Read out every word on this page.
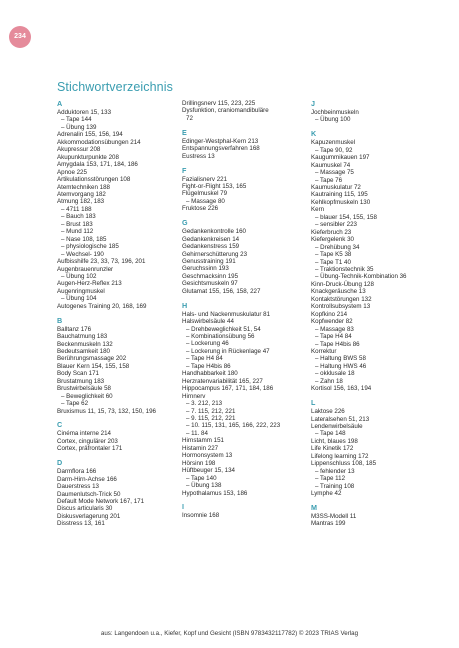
234
Stichwortverzeichnis
A
Adduktoren 15, 133
– Tape 144
– Übung 139
Adrenalin 155, 156, 194
Akkommodationsübungen 214
Akupressur 208
Akupunkturpunkte 208
Amygdala 153, 171, 184, 186
Apnoe 225
Artikulationsstörungen 108
Atemtechniken 188
Atemvorgang 182
Atmung 182, 183
– 4711 188
– Bauch 183
– Brust 183
– Mund 112
– Nase 108, 185
– physiologische 185
– Wechsel- 190
Aufbisshilfe 23, 33, 73, 196, 201
Augenbrauenrunzler
– Übung 102
Augen-Herz-Reflex 213
Augenringmuskel
– Übung 104
Autogenes Training 20, 168, 169
B
Balltanz 176
Bauchatmung 183
Beckenmuskeln 132
Bedeutsamkeit 180
Berührungsmassage 202
Blauer Kern 154, 155, 158
Body Scan 171
Brustatmung 183
Brustwirbelsäule 58
– Beweglichkeit 60
– Tape 62
Bruxismus 11, 15, 73, 132, 150, 196
C
Cinéma interne 214
Cortex, cingulärer 203
Cortex, präfrontaler 171
D
Darmflora 166
Darm-Hirn-Achse 166
Dauerstress 13
Daumenlutsch-Trick 50
Default Mode Network 167, 171
Discus articularis 30
Diskusverlagerung 201
Disstress 13, 161
Drillingsnerv 115, 223, 225
Dysfunktion, craniomandibuläre
72
E
Edinger-Westphal-Kern 213
Entspannungsverfahren 168
Eustress 13
F
Fazialisnerv 221
Fight-or-Flight 153, 165
Flügelmuskel 79
– Massage 80
Fruktose 226
G
Gedankenkontrolle 160
Gedankenkreisen 14
Gedankenstress 159
Gehirnerschütterung 23
Genusstraining 191
Geruchssinn 193
Geschmacksinn 195
Gesichtsmuskeln 97
Glutamat 155, 156, 158, 227
H
Hals- und Nackenmuskulatur 81
Halswirbelsäule 44
– Drehbeweglichkeit 51, 54
– Kombinationsübung 56
– Lockerung 46
– Lockerung in Rückenlage 47
– Tape H4 84
– Tape H4bis 86
Handhabbarkeit 180
Herzratenvariabilität 165, 227
Hippocampus 167, 171, 184, 186
Hirnnerv
– 3. 212, 213
– 7. 115, 212, 221
– 9. 115, 212, 221
– 10. 115, 131, 165, 166, 222, 223
– 11. 84
Hirnstamm 151
Histamin 227
Hormonsystem 13
Hörsinn 198
Hüftbeuger 15, 134
– Tape 140
– Übung 138
Hypothalamus 153, 186
I
Insomnie 168
J
Jochbeinmuskeln
– Übung 100
K
Kapuzenmuskel
– Tape 90, 92
Kaugummikauen 197
Kaumuskel 74
– Massage 75
– Tape 76
Kaumuskulatur 72
Kautraining 115, 195
Kehlkopfmuskeln 130
Kern
– blauer 154, 155, 158
– sensibler 223
Kieferbruch 23
Kiefergelenk 30
– Drehübung 34
– Tape K5 38
– Tape T1 40
– Traktionstechnik 35
– Übung-Technik-Kombination 36
Kinn-Druck-Übung 128
Knackgeräusche 13
Kontaktstörungen 132
Kontrollsubsystem 13
Kopfkino 214
Kopfwender 82
– Massage 83
– Tape H4 84
– Tape H4bis 86
Korrektur
– Haltung BWS 58
– Haltung HWS 46
– okklusale 18
– Zahn 18
Kortisol 156, 163, 194
L
Laktose 226
Lateralsehen 51, 213
Lendenwirbelsäule
– Tape 148
Licht, blaues 198
Life Kinetik 172
Lifelong learning 172
Lippenschluss 108, 185
– fehlender 13
– Tape 112
– Training 108
Lymphe 42
M
M3SS-Modell 11
Mantras 199
aus: Langendoen u.a., Kiefer, Kopf und Gesicht (ISBN 9783432117782) © 2023 TRIAS Verlag
